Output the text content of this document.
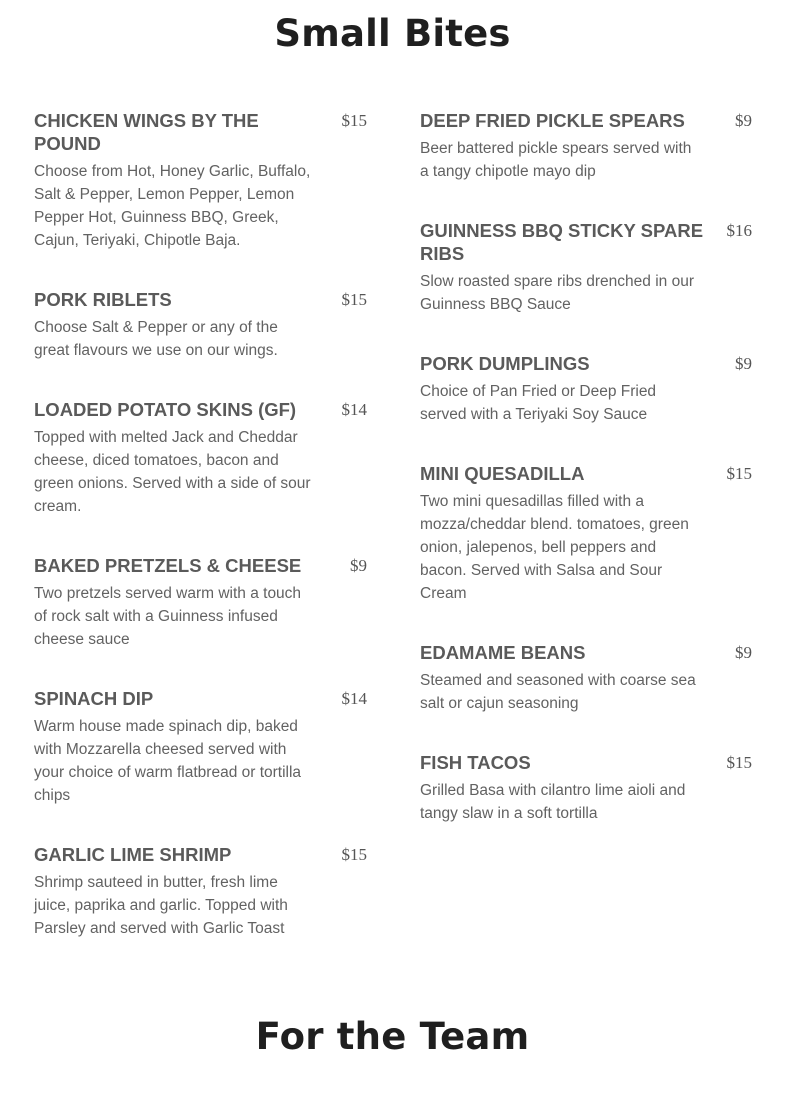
Small Bites
CHICKEN WINGS BY THE POUND
$15
Choose from Hot, Honey Garlic, Buffalo, Salt & Pepper, Lemon Pepper, Lemon Pepper Hot, Guinness BBQ, Greek, Cajun, Teriyaki, Chipotle Baja.
PORK RIBLETS	$15
Choose Salt & Pepper or any of the great flavours we use on our wings.
LOADED POTATO SKINS (GF)	$14
Topped with melted Jack and Cheddar cheese, diced tomatoes, bacon and green onions. Served with a side of sour cream.
BAKED PRETZELS & CHEESE	$9
Two pretzels served warm with a touch of rock salt with a Guinness infused cheese sauce
SPINACH DIP	$14
Warm house made spinach dip, baked with Mozzarella cheesed served with your choice of warm flatbread or tortilla chips
GARLIC LIME SHRIMP	$15
Shrimp sauteed in butter, fresh lime juice, paprika and garlic. Topped with Parsley and served with Garlic Toast
DEEP FRIED PICKLE SPEARS	$9
Beer battered pickle spears served with a tangy chipotle mayo dip
GUINNESS BBQ STICKY SPARE RIBS
$16
Slow roasted spare ribs drenched in our Guinness BBQ Sauce
PORK DUMPLINGS	$9
Choice of Pan Fried or Deep Fried served with a Teriyaki Soy Sauce
MINI QUESADILLA	$15
Two mini quesadillas filled with a mozza/cheddar blend. tomatoes, green onion, jalepenos, bell peppers and bacon. Served with Salsa and Sour Cream
EDAMAME BEANS	$9
Steamed and seasoned with coarse sea salt or cajun seasoning
FISH TACOS	$15
Grilled Basa with cilantro lime aioli and tangy slaw in a soft tortilla
For the Team
